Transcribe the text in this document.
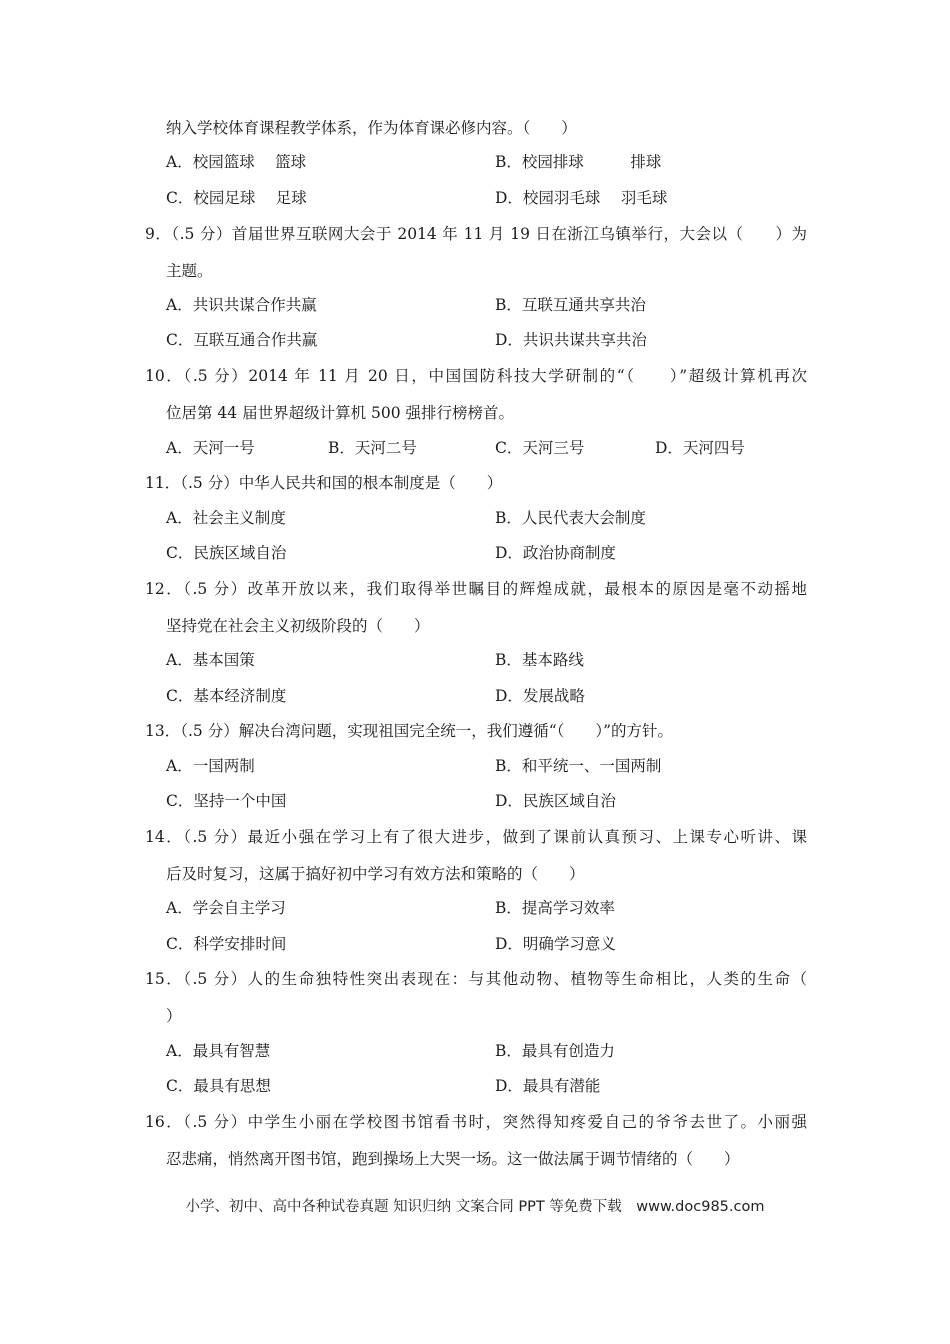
纳入学校体育课程教学体系，作为体育课必修内容。（　　）
A．校园篮球　 篮球	B．校园排球　　　排球
C．校园足球　 足球	D．校园羽毛球　 羽毛球
9．（.5 分）首届世界互联网大会于 2014 年 11 月 19 日在浙江乌镇举行，大会以（　　）为
主题。
A．共识共谋合作共赢	B．互联互通共享共治
C．互联互通合作共赢	D．共识共谋共享共治
10．（.5 分）2014 年 11 月 20 日，中国国防科技大学研制的“（　　）”超级计算机再次
位居第 44 届世界超级计算机 500 强排行榜榜首。
A．天河一号	B．天河二号	C．天河三号	D．天河四号
11．（.5 分）中华人民共和国的根本制度是（　　）
A．社会主义制度	B．人民代表大会制度
C．民族区域自治	D．政治协商制度
12．（.5 分）改革开放以来，我们取得举世瞩目的辉煌成就，最根本的原因是毫不动摇地
坚持党在社会主义初级阶段的（　　）
A．基本国策	B．基本路线
C．基本经济制度	D．发展战略
13．（.5 分）解决台湾问题，实现祖国完全统一，我们遵循“（　　）”的方针。
A．一国两制	B．和平统一、一国两制
C．坚持一个中国	D．民族区域自治
14．（.5 分）最近小强在学习上有了很大进步，做到了课前认真预习、上课专心听讲、课
后及时复习，这属于搞好初中学习有效方法和策略的（　　）
A．学会自主学习	B．提高学习效率
C．科学安排时间	D．明确学习意义
15．（.5 分）人的生命独特性突出表现在：与其他动物、植物等生命相比，人类的生命（
）
A．最具有智慧	B．最具有创造力
C．最具有思想	D．最具有潜能
16．（.5 分）中学生小丽在学校图书馆看书时，突然得知疼爱自己的爷爷去世了。小丽强
忍悲痛，悄然离开图书馆，跑到操场上大哭一场。这一做法属于调节情绪的（　　）
小学、初中、高中各种试卷真题 知识归纳 文案合同 PPT 等免费下载　www.doc985.com
